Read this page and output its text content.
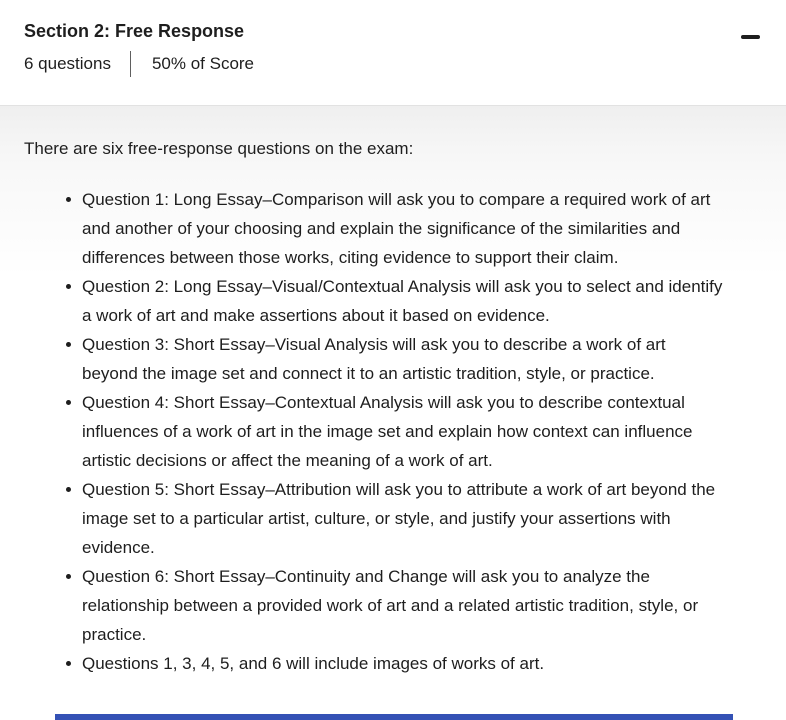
Section 2: Free Response
6 questions 50% of Score

There are six free-response questions on the exam:

Question 1: Long Essay–Comparison will ask you to compare a required work of art and another of your choosing and explain the significance of the similarities and differences between those works, citing evidence to support their claim.
Question 2: Long Essay–Visual/Contextual Analysis will ask you to select and identify a work of art and make assertions about it based on evidence.
Question 3: Short Essay–Visual Analysis will ask you to describe a work of art beyond the image set and connect it to an artistic tradition, style, or practice.
Question 4: Short Essay–Contextual Analysis will ask you to describe contextual influences of a work of art in the image set and explain how context can influence artistic decisions or affect the meaning of a work of art.
Question 5: Short Essay–Attribution will ask you to attribute a work of art beyond the image set to a particular artist, culture, or style, and justify your assertions with evidence.
Question 6: Short Essay–Continuity and Change will ask you to analyze the relationship between a provided work of art and a related artistic tradition, style, or practice.
Questions 1, 3, 4, 5, and 6 will include images of works of art.
